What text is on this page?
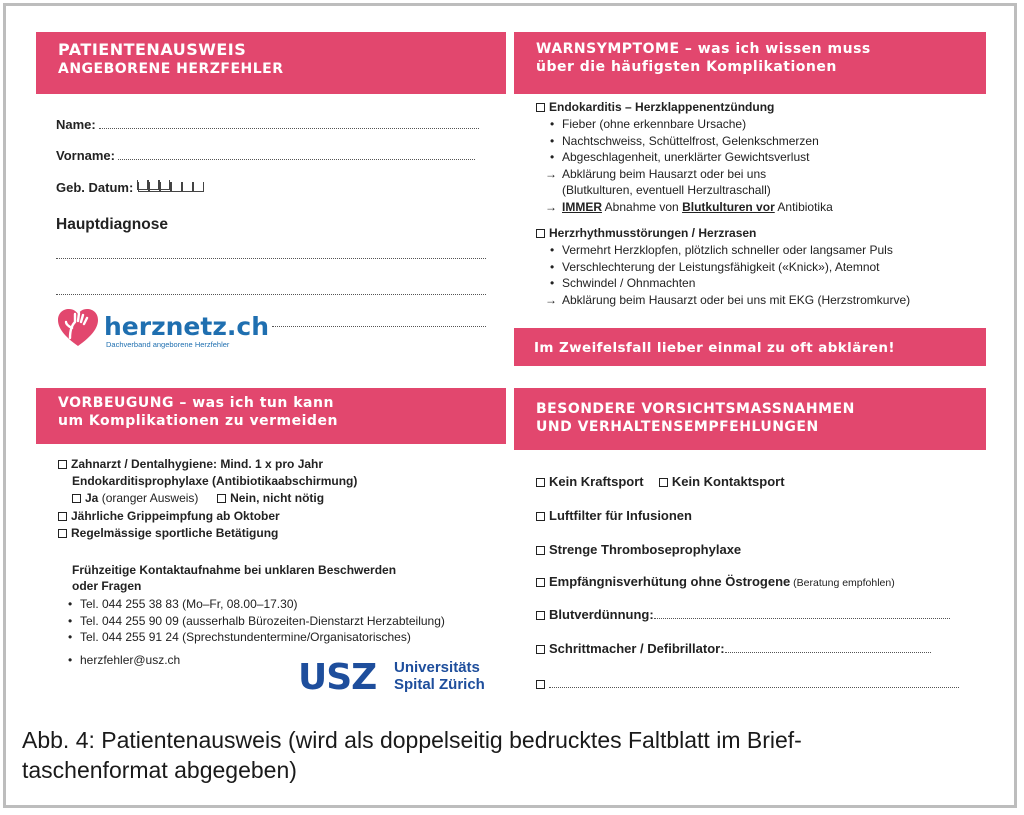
PATIENTENAUSWEIS
ANGEBORENE HERZFEHLER
Name:
Vorname:
Geb. Datum:
Hauptdiagnose
herznetz.ch
Dachverband angeborene Herzfehler
WARNSYMPTOME – was ich wissen muss
über die häufigsten Komplikationen
Endokarditis – Herzklappenentzündung
• Fieber (ohne erkennbare Ursache)
• Nachtschweiss, Schüttelfrost, Gelenkschmerzen
• Abgeschlagenheit, unerklärter Gewichtsverlust
→ Abklärung beim Hausarzt oder bei uns
(Blutkulturen, eventuell Herzultraschall)
→ IMMER Abnahme von Blutkulturen vor Antibiotika
Herzrhythmusstörungen / Herzrasen
• Vermehrt Herzklopfen, plötzlich schneller oder langsamer Puls
• Verschlechterung der Leistungsfähigkeit («Knick»), Atemnot
• Schwindel / Ohnmachten
→ Abklärung beim Hausarzt oder bei uns mit EKG (Herzstromkurve)
Im Zweifelsfall lieber einmal zu oft abklären!
VORBEUGUNG – was ich tun kann
um Komplikationen zu vermeiden
Zahnarzt / Dentalhygiene: Mind. 1 x pro Jahr
Endokarditisprophylaxe (Antibiotikaabschirmung)
Ja (oranger Ausweis)	Nein, nicht nötig
Jährliche Grippeimpfung ab Oktober
Regelmässige sportliche Betätigung
Frühzeitige Kontaktaufnahme bei unklaren Beschwerden
oder Fragen
• Tel. 044 255 38 83 (Mo–Fr, 08.00–17.30)
• Tel. 044 255 90 09 (ausserhalb Bürozeiten-Dienstarzt Herzabteilung)
• Tel. 044 255 91 24 (Sprechstundentermine/Organisatorisches)
• herzfehler@usz.ch	USZ Universitäts
Spital Zürich
BESONDERE VORSICHTSMASSNAHMEN
UND VERHALTENSEMPFEHLUNGEN
Kein Kraftsport Kein Kontaktsport
Luftfilter für Infusionen
Strenge Thromboseprophylaxe
Empfängnisverhütung ohne Östrogene (Beratung empfohlen)
Blutverdünnung:
Schrittmacher / Defibrillator:
Abb. 4: Patientenausweis (wird als doppelseitig bedrucktes Faltblatt im Brief-
taschenformat abgegeben)
